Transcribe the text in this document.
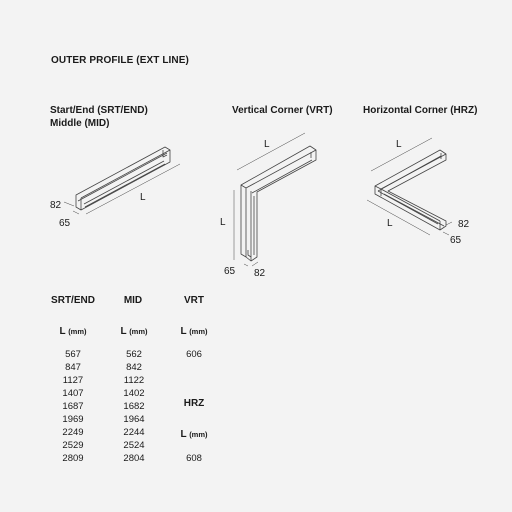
OUTER PROFILE (EXT LINE)
Start/End (SRT/END)
Middle (MID)
Vertical Corner (VRT)	Horizontal Corner (HRZ)
82
65
L
L
L
65 82
L
L	82
65
SRT/END
L (mm)
567
847
1127
1407
1687
1969
2249
2529
2809
MID
L (mm)
562
842
1122
1402
1682
1964
2244
2524
2804
VRT
L (mm)
606
HRZ
L (mm)
608
